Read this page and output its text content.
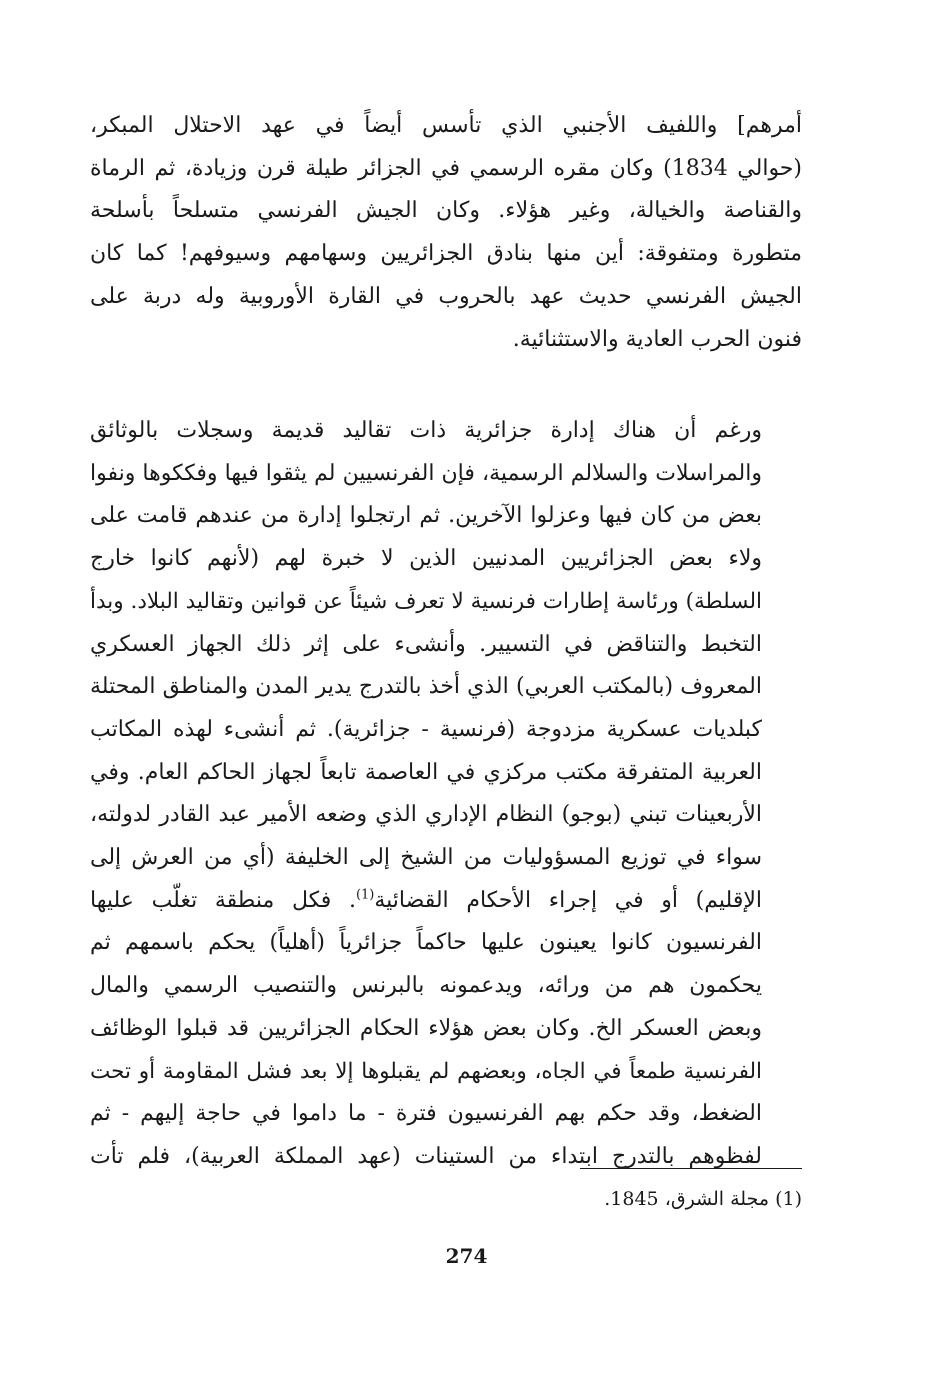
أمرهم] واللفيف الأجنبي الذي تأسس أيضاً في عهد الاحتلال المبكر،
(حوالي 1834) وكان مقره الرسمي في الجزائر طيلة قرن وزيادة، ثم الرماة
والقناصة والخيالة، وغير هؤلاء. وكان الجيش الفرنسي متسلحاً بأسلحة
متطورة ومتفوقة: أين منها بنادق الجزائريين وسهامهم وسيوفهم! كما كان
الجيش الفرنسي حديث عهد بالحروب في القارة الأوروبية وله دربة على
فنون الحرب العادية والاستثنائية.
ورغم أن هناك إدارة جزائرية ذات تقاليد قديمة وسجلات بالوثائق
والمراسلات والسلالم الرسمية، فإن الفرنسيين لم يثقوا فيها وفككوها ونفوا
بعض من كان فيها وعزلوا الآخرين. ثم ارتجلوا إدارة من عندهم قامت على
ولاء بعض الجزائريين المدنيين الذين لا خبرة لهم (لأنهم كانوا خارج
السلطة) ورئاسة إطارات فرنسية لا تعرف شيئاً عن قوانين وتقاليد البلاد. وبدأ
التخبط والتناقض في التسيير. وأنشىء على إثر ذلك الجهاز العسكري
المعروف (بالمكتب العربي) الذي أخذ بالتدرج يدير المدن والمناطق المحتلة
كبلديات عسكرية مزدوجة (فرنسية - جزائرية). ثم أنشىء لهذه المكاتب
العربية المتفرقة مكتب مركزي في العاصمة تابعاً لجهاز الحاكم العام. وفي
الأربعينات تبني (بوجو) النظام الإداري الذي وضعه الأمير عبد القادر لدولته،
سواء في توزيع المسؤوليات من الشيخ إلى الخليفة (أي من العرش إلى
الإقليم) أو في إجراء الأحكام القضائية$^{(1)}$. فكل منطقة تغلّب عليها
الفرنسيون كانوا يعينون عليها حاكماً جزائرياً (أهلياً) يحكم باسمهم ثم
يحكمون هم من ورائه، ويدعمونه بالبرنس والتنصيب الرسمي والمال
وبعض العسكر الخ. وكان بعض هؤلاء الحكام الجزائريين قد قبلوا الوظائف
الفرنسية طمعاً في الجاه، وبعضهم لم يقبلوها إلا بعد فشل المقاومة أو تحت
الضغط، وقد حكم بهم الفرنسيون فترة - ما داموا في حاجة إليهم - ثم
لفظوهم بالتدرج ابتداء من الستينات (عهد المملكة العربية)، فلم تأت
(1) مجلة الشرق، 1845.
274
